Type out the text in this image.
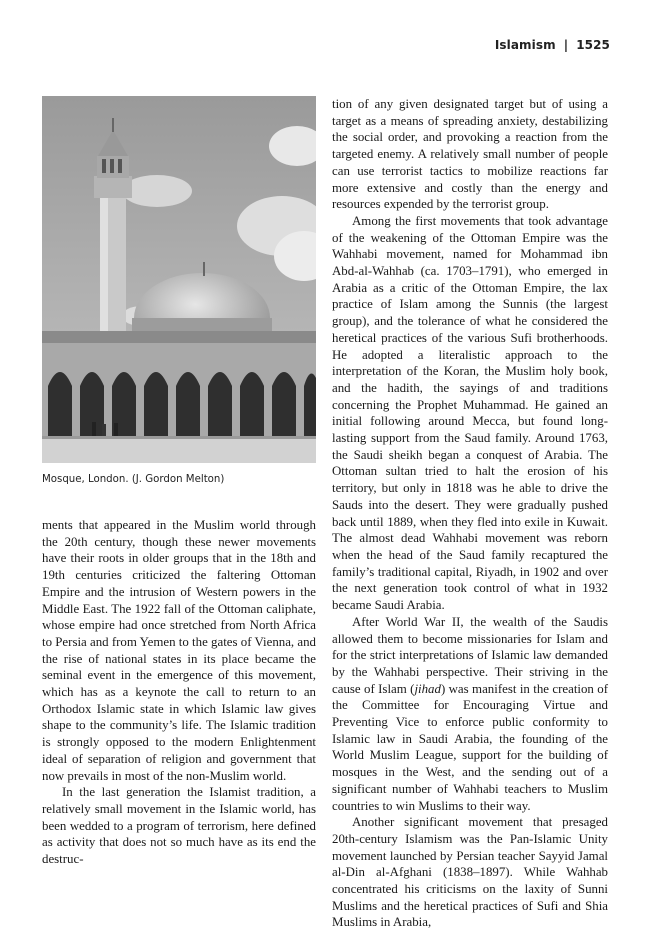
Islamism | 1525
Mosque, London. (J. Gordon Melton)

ments that appeared in the Muslim world through the 20th century, though these newer movements have their roots in older groups that in the 18th and 19th centuries criticized the faltering Ottoman Empire and the intrusion of Western powers in the Middle East. The 1922 fall of the Ottoman caliphate, whose empire had once stretched from North Africa to Persia and from Yemen to the gates of Vienna, and the rise of national states in its place became the seminal event in the emergence of this movement, which has as a keynote the call to return to an Orthodox Islamic state in which Islamic law gives shape to the community’s life. The Islamic tradition is strongly opposed to the modern Enlightenment ideal of separation of religion and government that now prevails in most of the non-Muslim world.

In the last generation the Islamist tradition, a relatively small movement in the Islamic world, has been wedded to a program of terrorism, here defined as activity that does not so much have as its end the destruc-

tion of any given designated target but of using a target as a means of spreading anxiety, destabilizing the social order, and provoking a reaction from the targeted enemy. A relatively small number of people can use terrorist tactics to mobilize reactions far more extensive and costly than the energy and resources expended by the terrorist group.

Among the first movements that took advantage of the weakening of the Ottoman Empire was the Wahhabi movement, named for Mohammad ibn Abd-al-Wahhab (ca. 1703–1791), who emerged in Arabia as a critic of the Ottoman Empire, the lax practice of Islam among the Sunnis (the largest group), and the tolerance of what he considered the heretical practices of the various Sufi brotherhoods. He adopted a literalistic approach to the interpretation of the Koran, the Muslim holy book, and the hadith, the sayings of and traditions concerning the Prophet Muhammad. He gained an initial following around Mecca, but found long-lasting support from the Saud family. Around 1763, the Saudi sheikh began a conquest of Arabia. The Ottoman sultan tried to halt the erosion of his territory, but only in 1818 was he able to drive the Sauds into the desert. They were gradually pushed back until 1889, when they fled into exile in Kuwait. The almost dead Wahhabi movement was reborn when the head of the Saud family recaptured the family’s traditional capital, Riyadh, in 1902 and over the next generation took control of what in 1932 became Saudi Arabia.

After World War II, the wealth of the Saudis allowed them to become missionaries for Islam and for the strict interpretations of Islamic law demanded by the Wahhabi perspective. Their striving in the cause of Islam (jihad) was manifest in the creation of the Committee for Encouraging Virtue and Preventing Vice to enforce public conformity to Islamic law in Saudi Arabia, the founding of the World Muslim League, support for the building of mosques in the West, and the sending out of a significant number of Wahhabi teachers to Muslim countries to win Muslims to their way.

Another significant movement that presaged 20th-century Islamism was the Pan-Islamic Unity movement launched by Persian teacher Sayyid Jamal al-Din al-Afghani (1838–1897). While Wahhab concentrated his criticisms on the laxity of Sunni Muslims and the heretical practices of Sufi and Shia Muslims in Arabia,
